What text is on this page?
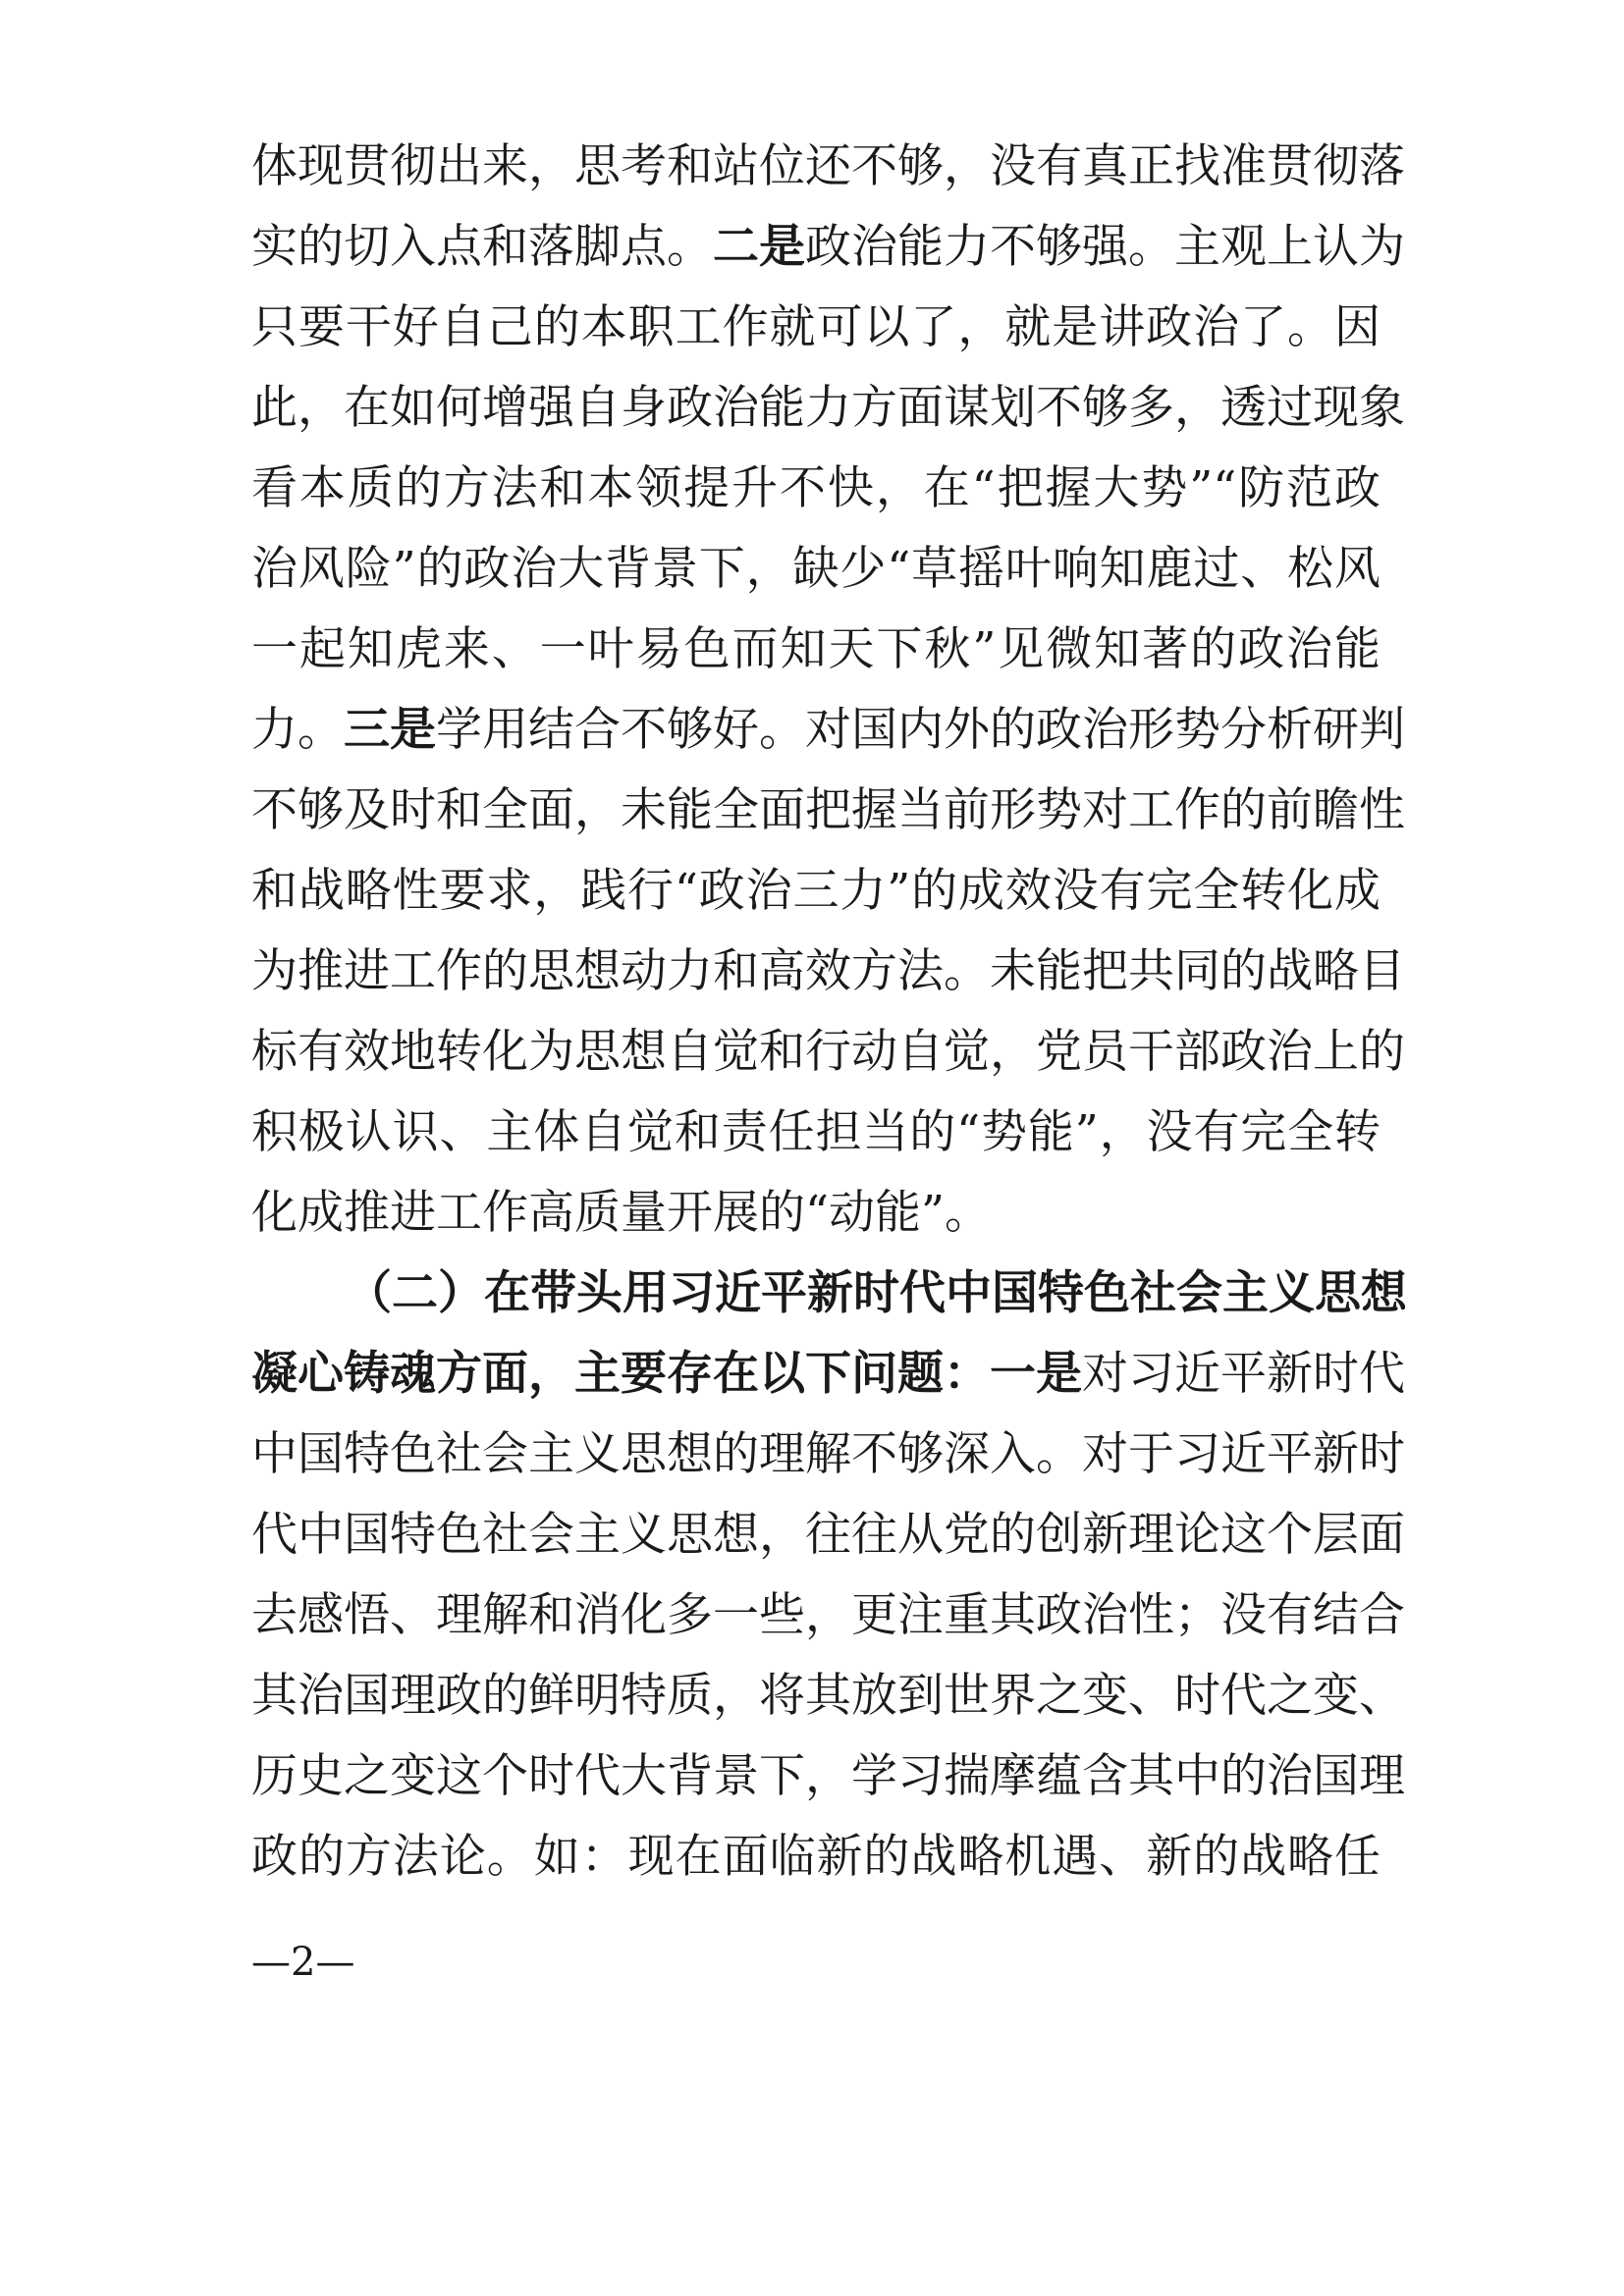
体现贯彻出来，思考和站位还不够，没有真正找准贯彻落
实的切入点和落脚点。二是政治能力不够强。主观上认为
只要干好自己的本职工作就可以了，就是讲政治了。因
此，在如何增强自身政治能力方面谋划不够多，透过现象
看本质的方法和本领提升不快，在“把握大势”“防范政
治风险”的政治大背景下，缺少“草摇叶响知鹿过、松风
一起知虎来、一叶易色而知天下秋”见微知著的政治能
力。三是学用结合不够好。对国内外的政治形势分析研判
不够及时和全面，未能全面把握当前形势对工作的前瞻性
和战略性要求，践行“政治三力”的成效没有完全转化成
为推进工作的思想动力和高效方法。未能把共同的战略目
标有效地转化为思想自觉和行动自觉，党员干部政治上的
积极认识、主体自觉和责任担当的“势能”，没有完全转
化成推进工作高质量开展的“动能”。
（二）在带头用习近平新时代中国特色社会主义思想
凝心铸魂方面，主要存在以下问题：一是对习近平新时代
中国特色社会主义思想的理解不够深入。对于习近平新时
代中国特色社会主义思想，往往从党的创新理论这个层面
去感悟、理解和消化多一些，更注重其政治性；没有结合
其治国理政的鲜明特质，将其放到世界之变、时代之变、
历史之变这个时代大背景下，学习揣摩蕴含其中的治国理
—2—
政的方法论。如：现在面临新的战略机遇、新的战略任
